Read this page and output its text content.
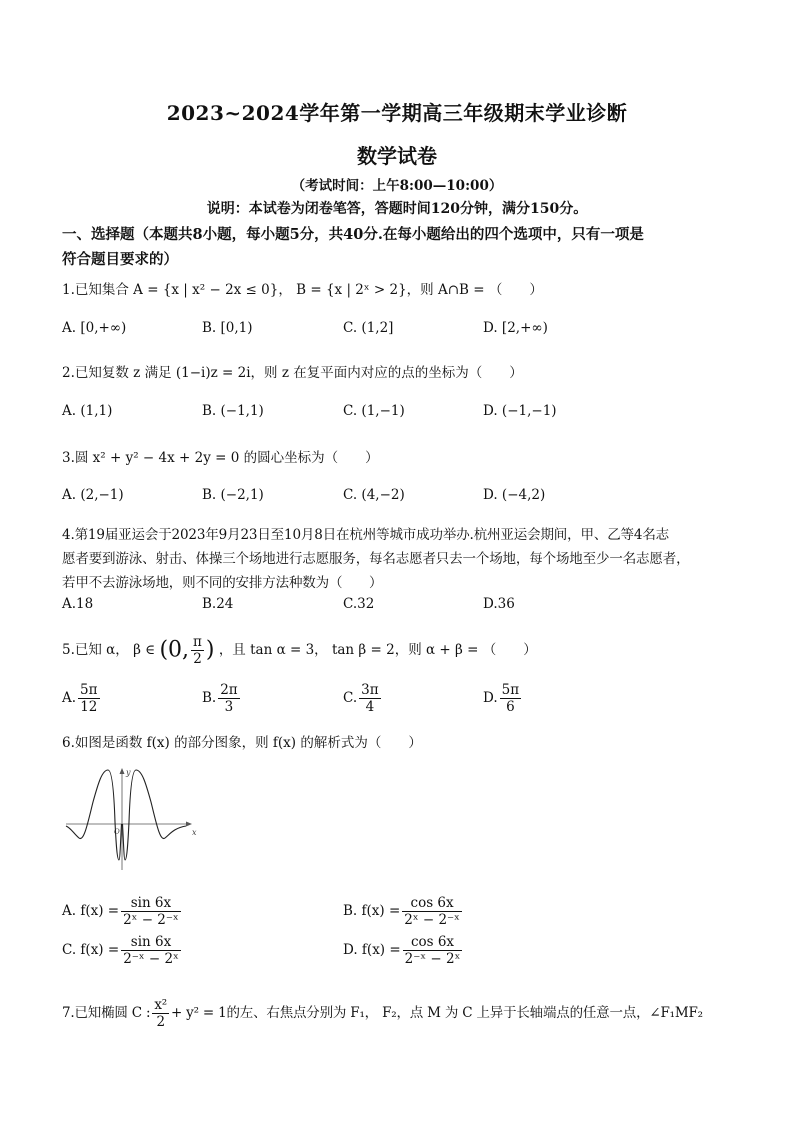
2023~2024学年第一学期高三年级期末学业诊断
数学试卷
（考试时间：上午8:00—10:00）
说明：本试卷为闭卷笔答，答题时间120分钟，满分150分。
一、选择题（本题共8小题，每小题5分，共40分.在每小题给出的四个选项中，只有一项是
符合题目要求的）
1.已知集合 A = {x | x² − 2x ≤ 0}， B = {x | 2ˣ > 2}，则 A∩B = （　　）
A. [0,+∞)	B. [0,1)	C. (1,2]	D. [2,+∞)
2.已知复数 z 满足 (1−i)z = 2i，则 z 在复平面内对应的点的坐标为（　　）
A. (1,1)	B. (−1,1)	C. (1,−1)	D. (−1,−1)
3.圆 x² + y² − 4x + 2y = 0 的圆心坐标为（　　）
A. (2,−1)	B. (−2,1)	C. (4,−2)	D. (−4,2)
4.第19届亚运会于2023年9月23日至10月8日在杭州等城市成功举办.杭州亚运会期间，甲、乙等4名志
愿者要到游泳、射击、体操三个场地进行志愿服务，每名志愿者只去一个场地，每个场地至少一名志愿者，
若甲不去游泳场地，则不同的安排方法种数为（　　）
A.18	B.24	C.32	D.36
5.已知 α， β ∈ (0, $\frac{\pi}{2}$ ) ，且 tan α = 3， tan β = 2，则 α + β = （　　）
A. $\frac{5\pi}{12}$	B. $\frac{2\pi}{3}$	C. $\frac{3\pi}{4}$	D. $\frac{5\pi}{6}$
6.如图是函数 f(x) 的部分图象，则 f(x) 的解析式为（　　）
x
y
O
A. $f(x) = \frac{\sin 6x}{\text{2ˣ − 2⁻ˣ}}$	B. $f(x) = \frac{\cos 6x}{\text{2ˣ − 2⁻ˣ}}$
C. $f(x) = \frac{\sin 6x}{\text{2⁻ˣ − 2ˣ}}$	D. $f(x) = \frac{\cos 6x}{\text{2⁻ˣ − 2ˣ}}$
7.已知椭圆 C : $\frac{\text{x²}}{2} + y^2 = 1$的左、右焦点分别为 F₁， F₂，点 M 为 C 上异于长轴端点的任意一点，∠F₁MF₂
